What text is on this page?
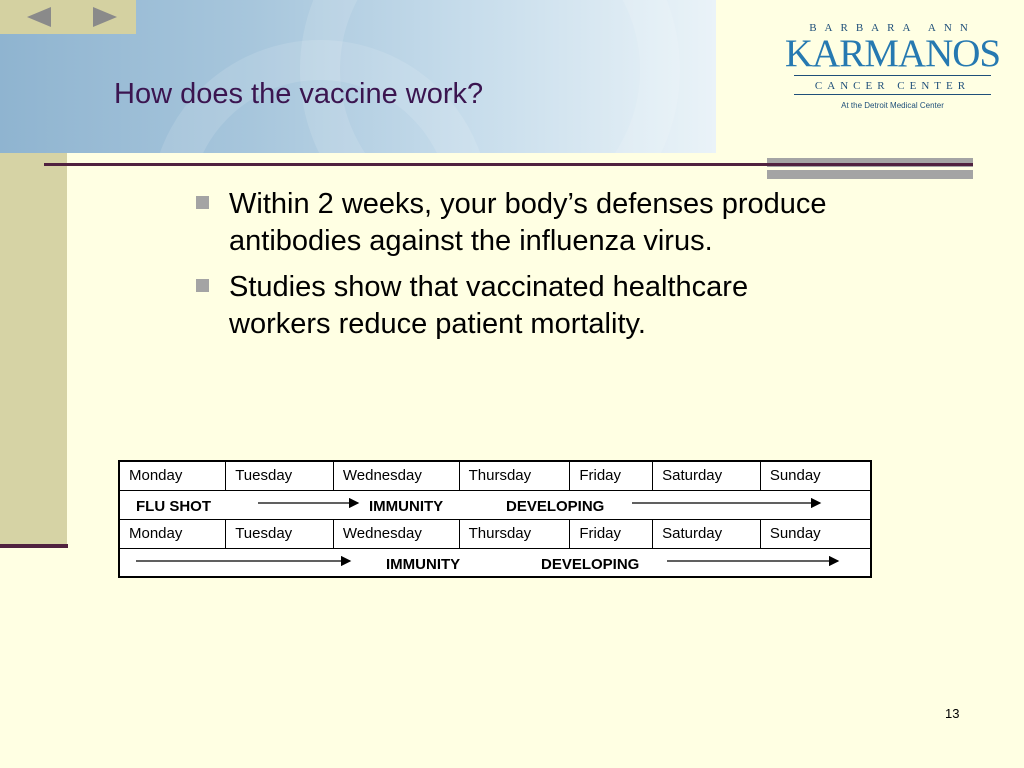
How does the vaccine work?
BARBARA ANN
KARMANOS
CANCER CENTER
At the Detroit Medical Center
Within 2 weeks, your body’s defenses produce antibodies against the influenza virus.
Studies show that vaccinated healthcare workers reduce patient mortality.
Monday	Tuesday	Wednesday	Thursday	Friday	Saturday	Sunday

FLU SHOT IMMUNITY DEVELOPING						

Monday	Tuesday	Wednesday	Thursday	Friday	Saturday	Sunday

IMMUNITY DEVELOPING						
13
